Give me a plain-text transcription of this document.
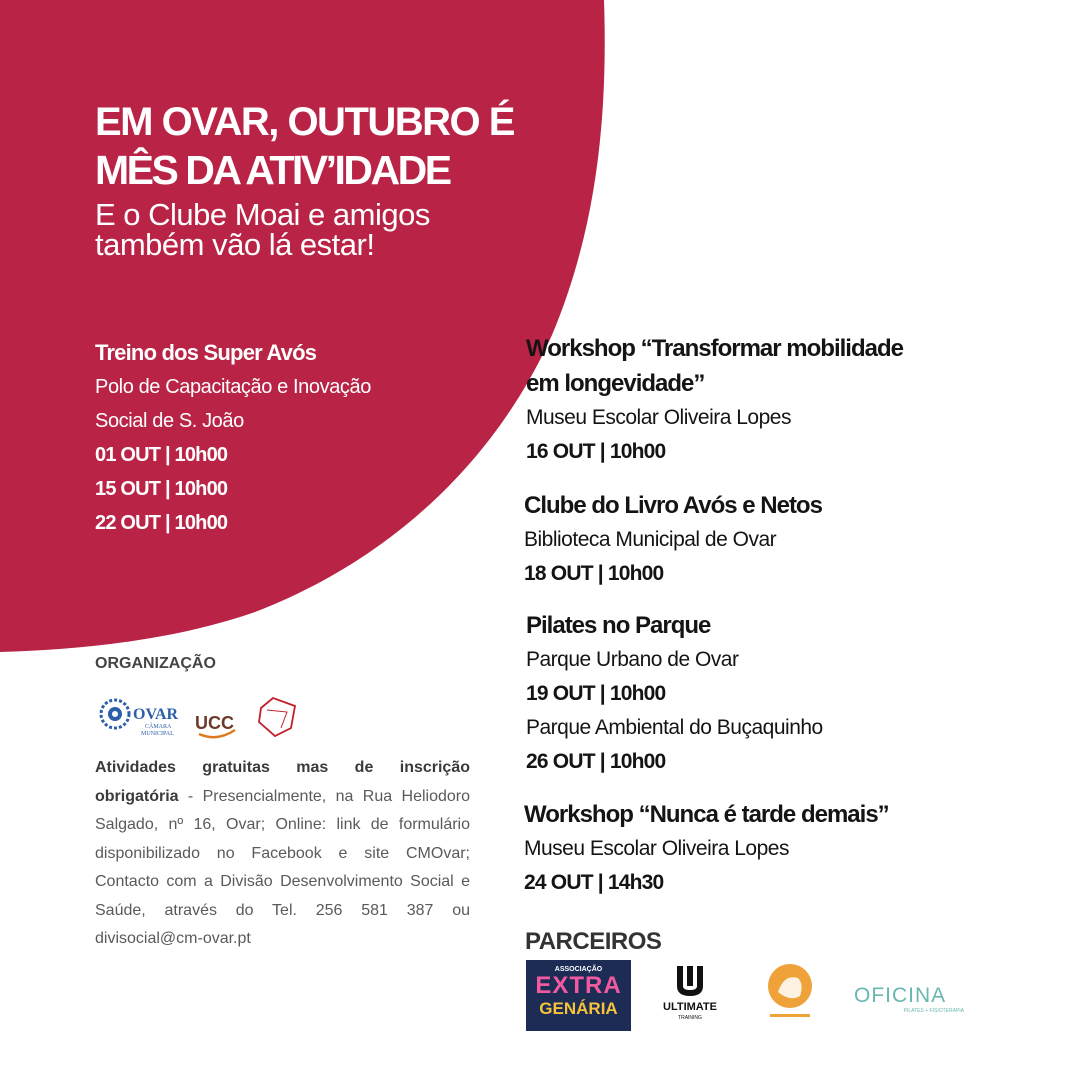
EM OVAR, OUTUBRO É
MÊS DA ATIV’IDADE
E o Clube Moai e amigos
também vão lá estar!
Treino dos Super Avós
Polo de Capacitação e Inovação
Social de S. João
01 OUT | 10h00
15 OUT | 10h00
22 OUT | 10h00
Workshop “Transformar mobilidade
em longevidade”
Museu Escolar Oliveira Lopes
16 OUT | 10h00
Clube do Livro Avós e Netos
Biblioteca Municipal de Ovar
18 OUT | 10h00
Pilates no Parque
Parque Urbano de Ovar
19 OUT | 10h00
Parque Ambiental do Buçaquinho
26 OUT | 10h00
Workshop “Nunca é tarde demais”
Museu Escolar Oliveira Lopes
24 OUT | 14h30
ORGANIZAÇÃO
OVAR
CÂMARA
MUNICIPAL
UCC
Atividades gratuitas mas de inscrição obrigatória - Presencialmente, na Rua Heliodoro Salgado, nº 16, Ovar; Online: link de formulário disponibilizado no Facebook e site CMOvar; Contacto com a Divisão Desenvolvimento Social e Saúde, através do Tel. 256 581 387 ou divisocial@cm-ovar.pt	PARCEIROS
ASSOCIAÇÃO
EXTRA
GENÁRIA	ULTIMATE
TRAINING
OFICINA
PILATES + FISIOTERAPIA
